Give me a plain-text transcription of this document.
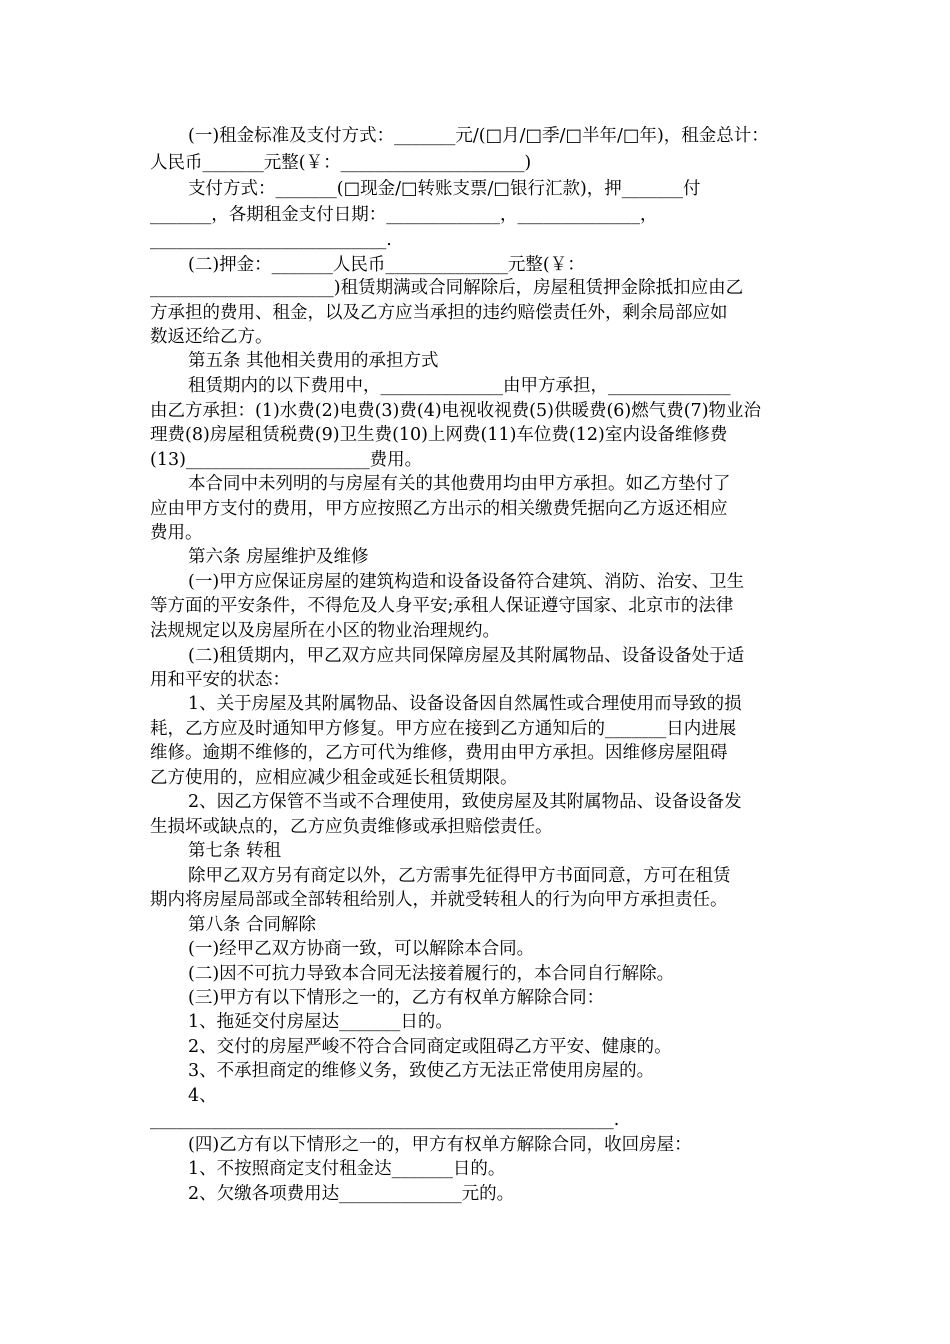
(一)租金标准及支付方式：_______元/(□月/□季/□半年/□年)，租金总计：
人民币_______元整(￥：_____________________)
支付方式：_______(□现金/□转账支票/□银行汇款)，押_______付
_______，各期租金支付日期：_____________，______________，
___________________________.
(二)押金：_______人民币______________元整(￥：
_____________________)租赁期满或合同解除后，房屋租赁押金除抵扣应由乙
方承担的费用、租金，以及乙方应当承担的违约赔偿责任外，剩余局部应如
数返还给乙方。
第五条 其他相关费用的承担方式
租赁期内的以下费用中，______________由甲方承担，______________
由乙方承担：(1)水费(2)电费(3)费(4)电视收视费(5)供暖费(6)燃气费(7)物业治
理费(8)房屋租赁税费(9)卫生费(10)上网费(11)车位费(12)室内设备维修费
(13)_____________________费用。
本合同中未列明的与房屋有关的其他费用均由甲方承担。如乙方垫付了
应由甲方支付的费用，甲方应按照乙方出示的相关缴费凭据向乙方返还相应
费用。
第六条 房屋维护及维修
(一)甲方应保证房屋的建筑构造和设备设备符合建筑、消防、治安、卫生
等方面的平安条件，不得危及人身平安;承租人保证遵守国家、北京市的法律
法规规定以及房屋所在小区的物业治理规约。
(二)租赁期内，甲乙双方应共同保障房屋及其附属物品、设备设备处于适
用和平安的状态：
1、关于房屋及其附属物品、设备设备因自然属性或合理使用而导致的损
耗，乙方应及时通知甲方修复。甲方应在接到乙方通知后的_______日内进展
维修。逾期不维修的，乙方可代为维修，费用由甲方承担。因维修房屋阻碍
乙方使用的，应相应减少租金或延长租赁期限。
2、因乙方保管不当或不合理使用，致使房屋及其附属物品、设备设备发
生损坏或缺点的，乙方应负责维修或承担赔偿责任。
第七条 转租
除甲乙双方另有商定以外，乙方需事先征得甲方书面同意，方可在租赁
期内将房屋局部或全部转租给别人，并就受转租人的行为向甲方承担责任。
第八条 合同解除
(一)经甲乙双方协商一致，可以解除本合同。
(二)因不可抗力导致本合同无法接着履行的，本合同自行解除。
(三)甲方有以下情形之一的，乙方有权单方解除合同：
1、拖延交付房屋达_______日的。
2、交付的房屋严峻不符合合同商定或阻碍乙方平安、健康的。
3、不承担商定的维修义务，致使乙方无法正常使用房屋的。
4、
_____________________________________________________.
(四)乙方有以下情形之一的，甲方有权单方解除合同，收回房屋：
1、不按照商定支付租金达_______日的。
2、欠缴各项费用达______________元的。
